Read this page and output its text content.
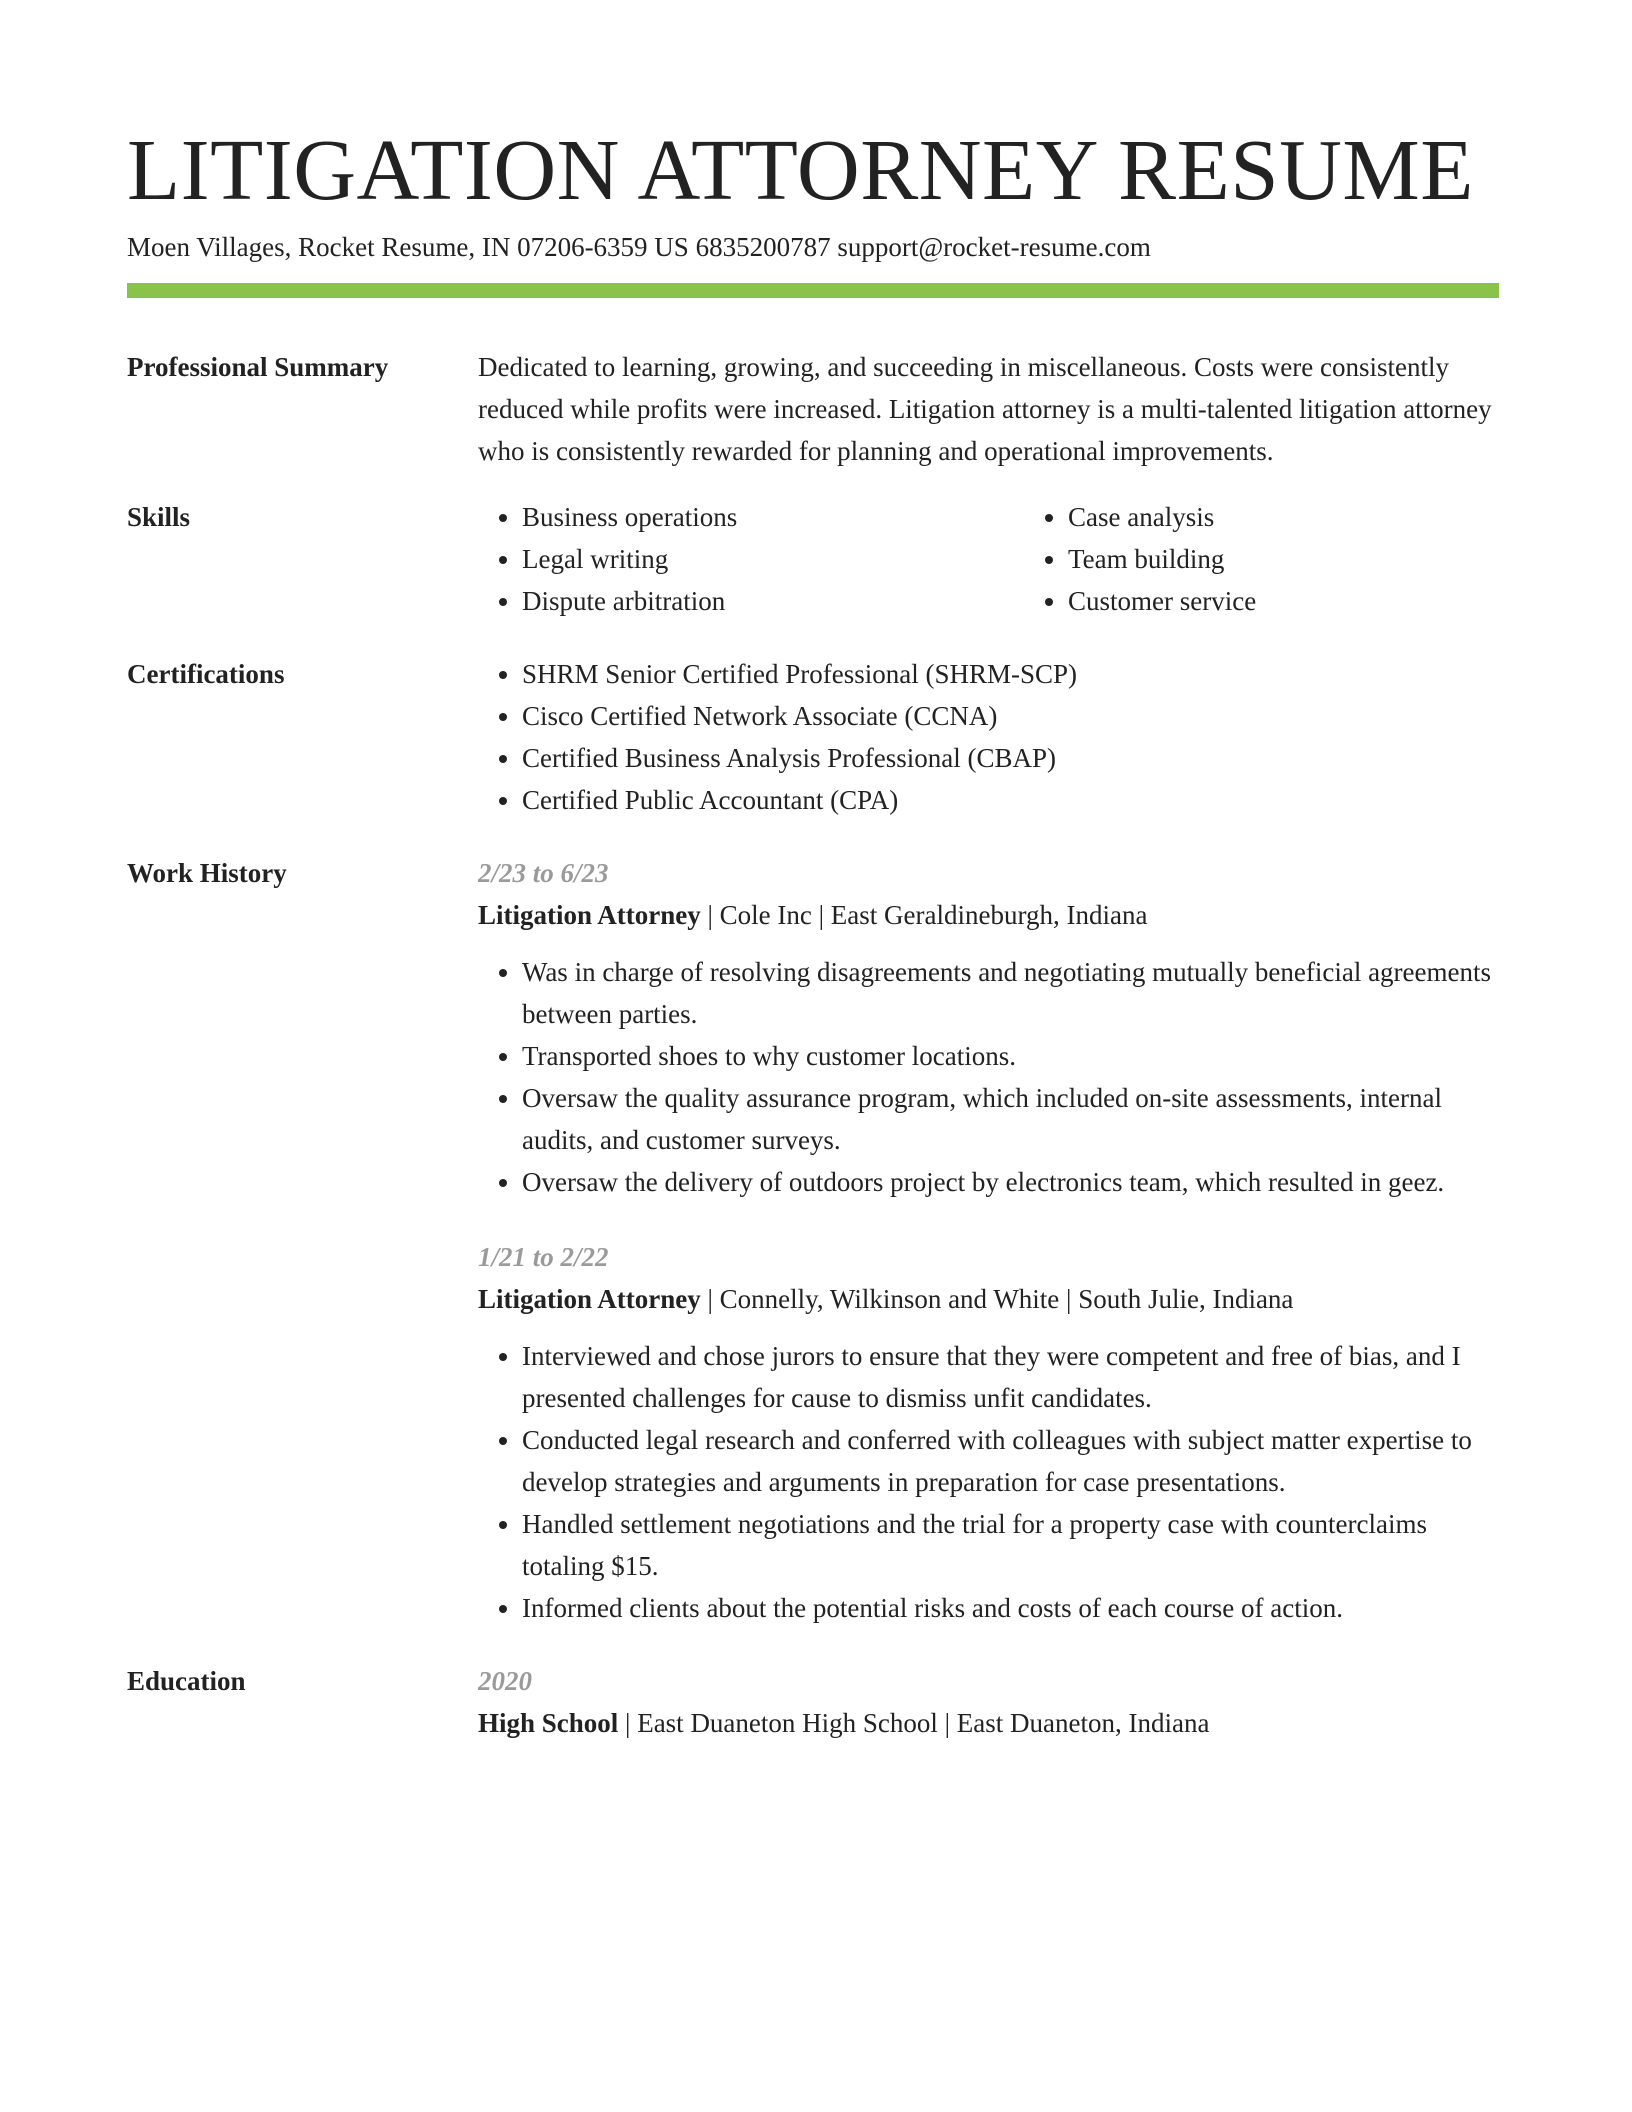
LITIGATION ATTORNEY RESUME
Moen Villages, Rocket Resume, IN 07206-6359 US 6835200787 support@rocket-resume.com
Professional Summary	Dedicated to learning, growing, and succeeding in miscellaneous. Costs were consistently reduced while profits were increased. Litigation attorney is a multi-talented litigation attorney who is consistently rewarded for planning and operational improvements.
Skills	• Business operations
• Legal writing
• Dispute arbitration
• Case analysis
• Team building
• Customer service
Certifications	• SHRM Senior Certified Professional (SHRM-SCP)
• Cisco Certified Network Associate (CCNA)
• Certified Business Analysis Professional (CBAP)
• Certified Public Accountant (CPA)
Work History	2/23 to 6/23
Litigation Attorney | Cole Inc | East Geraldineburgh, Indiana
• Was in charge of resolving disagreements and negotiating mutually beneficial agreements between parties.
• Transported shoes to why customer locations.
• Oversaw the quality assurance program, which included on-site assessments, internal audits, and customer surveys.
• Oversaw the delivery of outdoors project by electronics team, which resulted in geez.
1/21 to 2/22
Litigation Attorney | Connelly, Wilkinson and White | South Julie, Indiana
• Interviewed and chose jurors to ensure that they were competent and free of bias, and I presented challenges for cause to dismiss unfit candidates.
• Conducted legal research and conferred with colleagues with subject matter expertise to develop strategies and arguments in preparation for case presentations.
• Handled settlement negotiations and the trial for a property case with counterclaims totaling $15.
• Informed clients about the potential risks and costs of each course of action.
Education	2020
High School | East Duaneton High School | East Duaneton, Indiana
